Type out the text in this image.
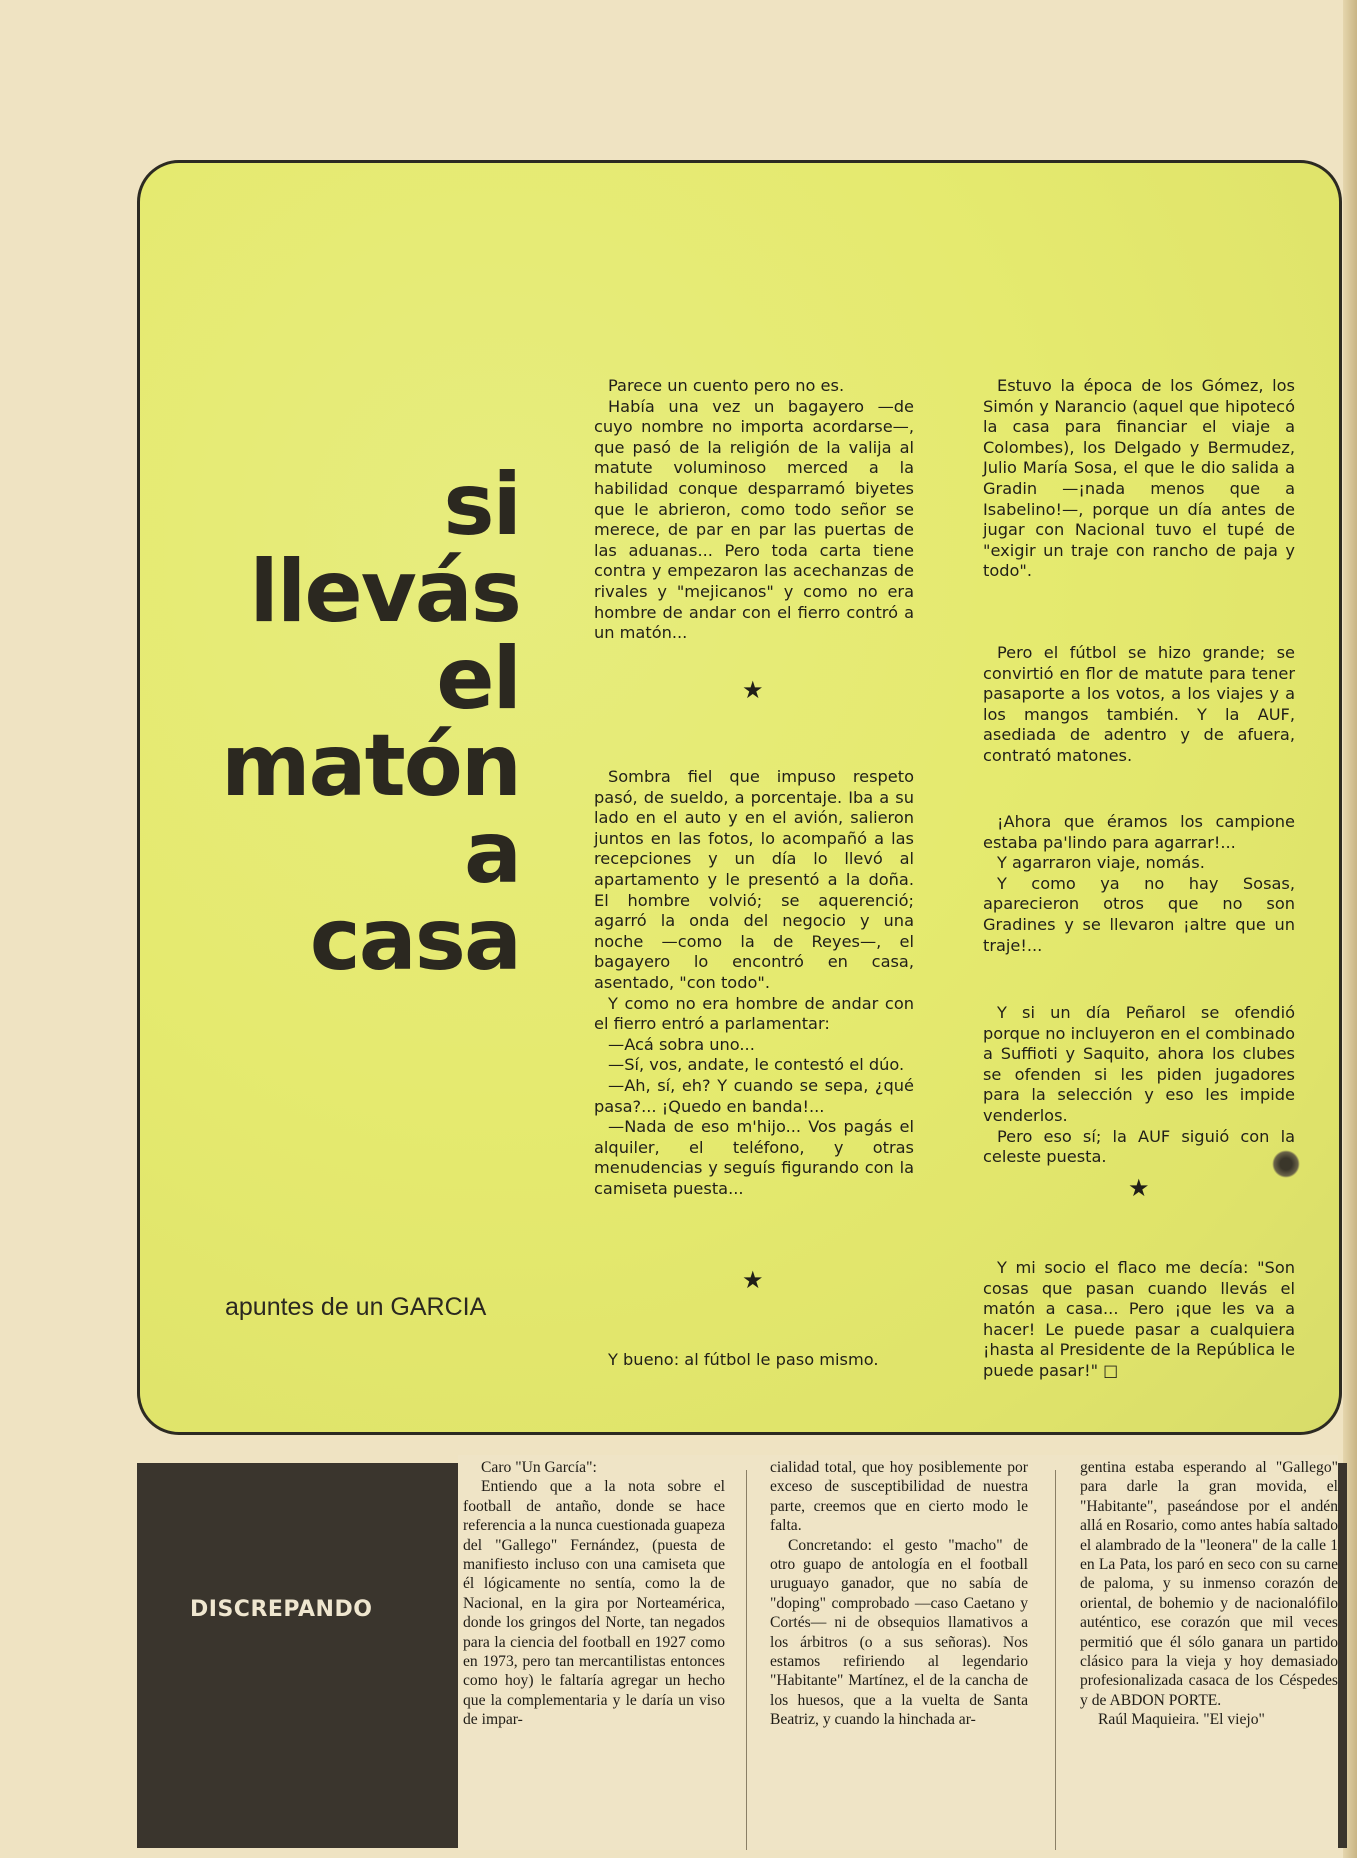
si
llevás
el
matón
a
casa
apuntes de un GARCIA

Parece un cuento pero no es.

Había una vez un bagayero —de cuyo nombre no importa acordarse—, que pasó de la religión de la valija al matute voluminoso merced a la habilidad conque desparramó biyetes que le abrieron, como todo señor se merece, de par en par las puertas de las aduanas... Pero toda carta tiene contra y empezaron las acechanzas de rivales y "mejicanos" y como no era hombre de andar con el fierro contró a un matón...

★

Sombra fiel que impuso respeto pasó, de sueldo, a porcentaje. Iba a su lado en el auto y en el avión, salieron juntos en las fotos, lo acompañó a las recepciones y un día lo llevó al apartamento y le presentó a la doña. El hombre volvió; se aquerenció; agarró la onda del negocio y una noche —como la de Reyes—, el bagayero lo encontró en casa, asentado, "con todo".

Y como no era hombre de andar con el fierro entró a parlamentar:

—Acá sobra uno...

—Sí, vos, andate, le contestó el dúo.

—Ah, sí, eh? Y cuando se sepa, ¿qué pasa?... ¡Quedo en banda!...

—Nada de eso m'hijo... Vos pagás el alquiler, el teléfono, y otras menudencias y seguís figurando con la camiseta puesta...

★

Y bueno: al fútbol le paso mismo.

Estuvo la época de los Gómez, los Simón y Narancio (aquel que hipotecó la casa para financiar el viaje a Colombes), los Delgado y Bermudez, Julio María Sosa, el que le dio salida a Gradin —¡nada menos que a Isabelino!—, porque un día antes de jugar con Nacional tuvo el tupé de "exigir un traje con rancho de paja y todo".

Pero el fútbol se hizo grande; se convirtió en flor de matute para tener pasaporte a los votos, a los viajes y a los mangos también. Y la AUF, asediada de adentro y de afuera, contrató matones.

¡Ahora que éramos los campione estaba pa'lindo para agarrar!...

Y agarraron viaje, nomás.

Y como ya no hay Sosas, aparecieron otros que no son Gradines y se llevaron ¡altre que un traje!...

Y si un día Peñarol se ofendió porque no incluyeron en el combinado a Suffioti y Saquito, ahora los clubes se ofenden si les piden jugadores para la selección y eso les impide venderlos.

Pero eso sí; la AUF siguió con la celeste puesta.

★

Y mi socio el flaco me decía: "Son cosas que pasan cuando llevás el matón a casa... Pero ¡que les va a hacer! Le puede pasar a cualquiera ¡hasta al Presidente de la República le puede pasar!" □

DISCREPANDO

Caro "Un García":

Entiendo que a la nota sobre el football de antaño, donde se hace referencia a la nunca cuestionada guapeza del "Gallego" Fernández, (puesta de manifiesto incluso con una camiseta que él lógicamente no sentía, como la de Nacional, en la gira por Norteamérica, donde los gringos del Norte, tan negados para la ciencia del football en 1927 como en 1973, pero tan mercantilistas entonces como hoy) le faltaría agregar un hecho que la complementaria y le daría un viso de impar-

cialidad total, que hoy posiblemente por exceso de susceptibilidad de nuestra parte, creemos que en cierto modo le falta.

Concretando: el gesto "macho" de otro guapo de antología en el football uruguayo ganador, que no sabía de "doping" comprobado —caso Caetano y Cortés— ni de obsequios llamativos a los árbitros (o a sus señoras). Nos estamos refiriendo al legendario "Habitante" Martínez, el de la cancha de los huesos, que a la vuelta de Santa Beatriz, y cuando la hinchada ar-

gentina estaba esperando al "Gallego" para darle la gran movida, el "Habitante", paseándose por el andén allá en Rosario, como antes había saltado el alambrado de la "leonera" de la calle 1 en La Pata, los paró en seco con su carne de paloma, y su inmenso corazón de oriental, de bohemio y de nacionalófilo auténtico, ese corazón que mil veces permitió que él sólo ganara un partido clásico para la vieja y hoy demasiado profesionalizada casaca de los Céspedes y de ABDON PORTE.

Raúl Maquieira. "El viejo"
